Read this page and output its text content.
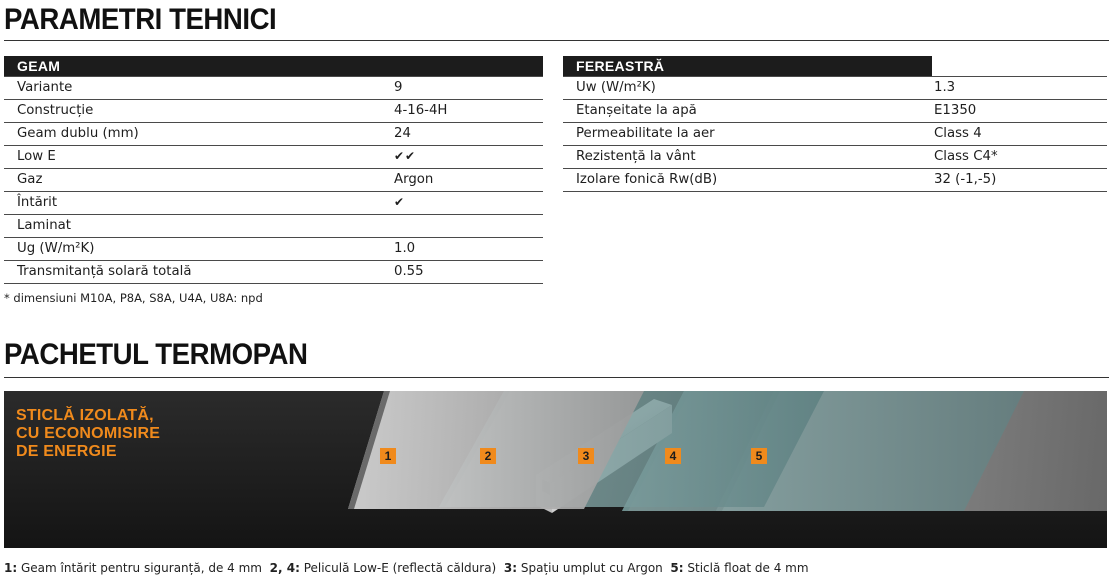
PARAMETRI TEHNICI
GEAM
Variante	9
Construcție	4-16-4H
Geam dublu (mm)	24
Low E	✔✔
Gaz	Argon
Întărit	✔
Laminat
Ug (W/m²K)	1.0
Transmitanță solară totală	0.55
FEREASTRĂ
Uw (W/m²K)	1.3
Etanșeitate la apă	E1350
Permeabilitate la aer	Class 4
Rezistență la vânt	Class C4*
Izolare fonică Rw(dB)	32 (-1,-5)
* dimensiuni M10A, P8A, S8A, U4A, U8A: npd
PACHETUL TERMOPAN
STICLĂ IZOLATĂ,
CU ECONOMISIRE
DE ENERGIE	1	2	3	4	5
1: Geam întărit pentru siguranță, de 4 mm 2, 4: Peliculă Low-E (reflectă căldura) 3: Spațiu umplut cu Argon 5: Sticlă float de 4 mm
